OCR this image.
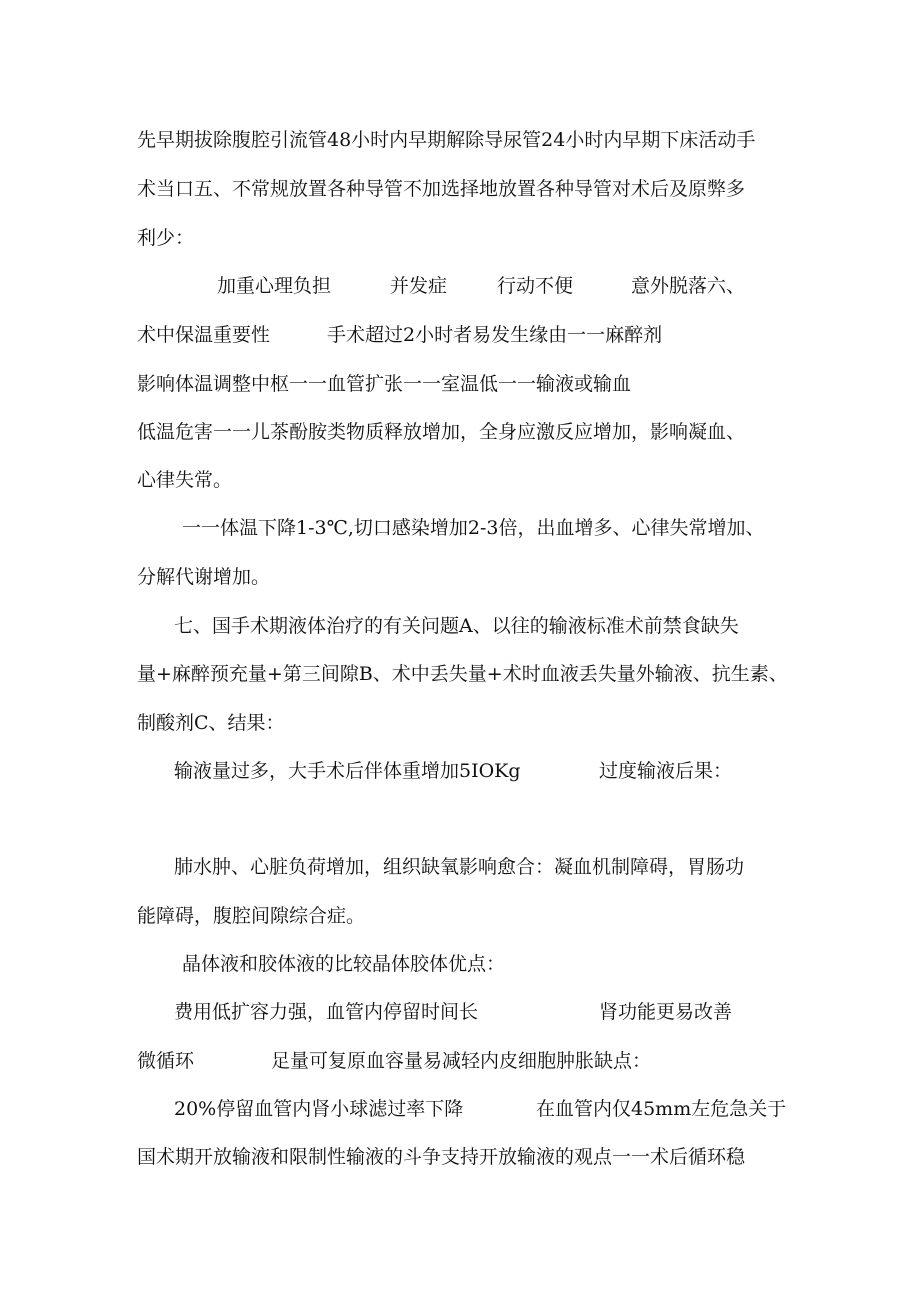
先早期拔除腹腔引流管48小时内早期解除导尿管24小时内早期下床活动手
术当口五、不常规放置各种导管不加选择地放置各种导管对术后及原弊多
利少：
加重心理负担	并发症	行动不便	意外脱落六、
术中保温重要性	手术超过2小时者易发生缘由一一麻醉剂
影响体温调整中枢一一血管扩张一一室温低一一输液或输血
低温危害一一儿茶酚胺类物质释放增加，全身应激反应增加，影响凝血、
心律失常。
一一体温下降1-3℃,切口感染增加2-3倍，出血增多、心律失常增加、
分解代谢增加。
七、国手术期液体治疗的有关问题A、以往的输液标准术前禁食缺失
量+麻醉预充量+第三间隙B、术中丢失量+术时血液丢失量外输液、抗生素、
制酸剂C、结果：
输液量过多，大手术后伴体重增加5IOKg	过度输液后果：
肺水肿、心脏负荷增加，组织缺氧影响愈合：凝血机制障碍，胃肠功
能障碍，腹腔间隙综合症。
晶体液和胶体液的比较晶体胶体优点：
费用低扩容力强，血管内停留时间长	肾功能更易改善
微循环	足量可复原血容量易减轻内皮细胞肿胀缺点：
20%停留血管内肾小球滤过率下降	在血管内仅45mm左危急关于
国术期开放输液和限制性输液的斗争支持开放输液的观点一一术后循环稳
